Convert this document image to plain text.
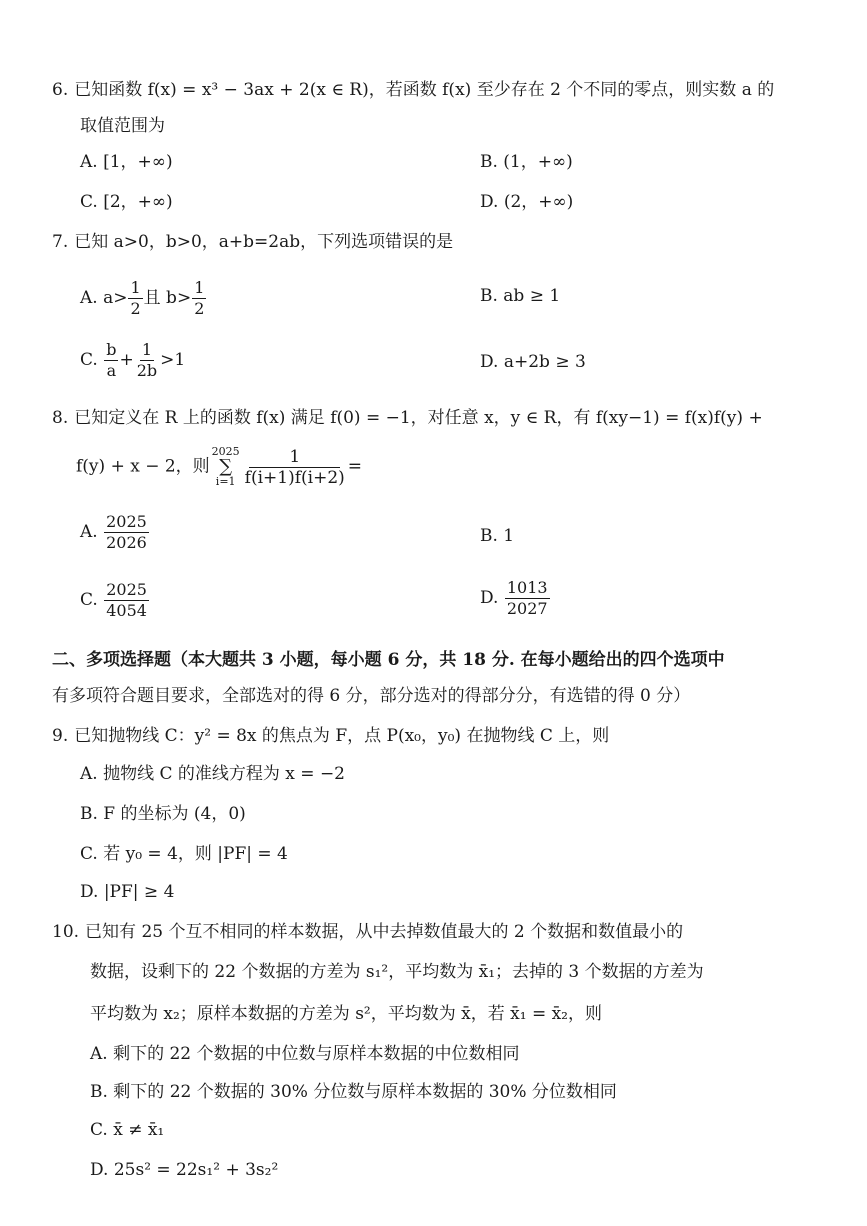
6. 已知函数 f(x) = x³ − 3ax + 2(x ∈ R)，若函数 f(x) 至少存在 2 个不同的零点，则实数 a 的
取值范围为
A. [1，+∞)	B. (1，+∞)
C. [2，+∞)	D. (2，+∞)
7. 已知 a>0，b>0，a+b=2ab，下列选项错误的是
A. $a> \frac{1}{2}$ 且 $b> \frac{1}{2}$	B. ab ≥ 1
C. $\frac{b}{a} + \frac{1}{2b} >1$	D. a+2b ≥ 3
8. 已知定义在 R 上的函数 f(x) 满足 f(0) = −1，对任意 x，y ∈ R，有 f(xy−1) = f(x)f(y) +
f(y) + x − 2，则
2025
∑
$i=1 \frac{1}{f(i+1)f(i+2)}$ =
A. $\frac{2025}{2026}$	B. 1
C. $\frac{2025}{4054}$	D. $\frac{1013}{2027}$
二、多项选择题（本大题共 3 小题，每小题 6 分，共 18 分. 在每小题给出的四个选项中
有多项符合题目要求，全部选对的得 6 分，部分选对的得部分分，有选错的得 0 分）
9. 已知抛物线 C：y² = 8x 的焦点为 F，点 P(x₀，y₀) 在抛物线 C 上，则
A. 抛物线 C 的准线方程为 x = −2
B. F 的坐标为 (4，0)
C. 若 y₀ = 4，则 |PF| = 4
D. |PF| ≥ 4
10. 已知有 25 个互不相同的样本数据，从中去掉数值最大的 2 个数据和数值最小的
数据，设剩下的 22 个数据的方差为 s₁²，平均数为 x̄₁；去掉的 3 个数据的方差为
平均数为 x₂；原样本数据的方差为 s²，平均数为 x̄，若 x̄₁ = x̄₂，则
A. 剩下的 22 个数据的中位数与原样本数据的中位数相同
B. 剩下的 22 个数据的 30% 分位数与原样本数据的 30% 分位数相同
C. x̄ ≠ x̄₁
D. 25s² = 22s₁² + 3s₂²
